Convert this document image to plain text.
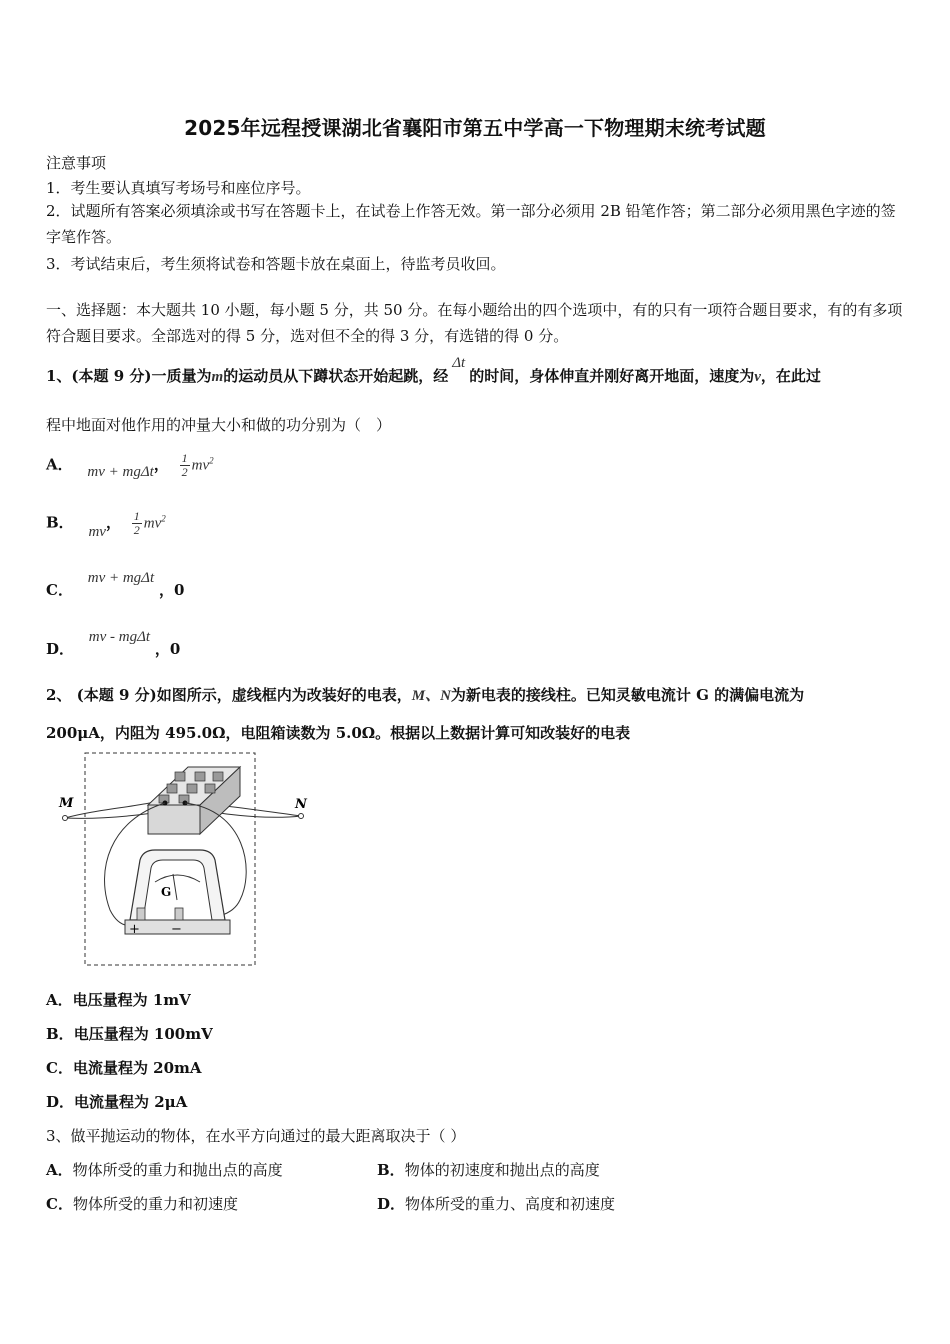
2025年远程授课湖北省襄阳市第五中学高一下物理期末统考试题
注意事项
1．考生要认真填写考场号和座位序号。
2．试题所有答案必须填涂或书写在答题卡上，在试卷上作答无效。第一部分必须用 2B 铅笔作答；第二部分必须用黑色字迹的签字笔作答。
3．考试结束后，考生须将试卷和答题卡放在桌面上，待监考员收回。
一、选择题：本大题共 10 小题，每小题 5 分，共 50 分。在每小题给出的四个选项中，有的只有一项符合题目要求，有的有多项符合题目要求。全部选对的得 5 分，选对但不全的得 3 分，有选错的得 0 分。
1、(本题 9 分)一质量为m的运动员从下蹲状态开始起跳，经Δt的时间，身体伸直并刚好离开地面，速度为v，在此过
程中地面对他作用的冲量大小和做的功分别为（　）
A． mv + mgΔt， $\frac{1}{2} mv^2$
B． mv， $\frac{1}{2} mv^2$
C． mv + mgΔt ，0
D． mv - mgΔt ，0
2、 (本题 9 分)如图所示，虚线框内为改装好的电表，M、N为新电表的接线柱。已知灵敏电流计 G 的满偏电流为
200μA，内阻为 495.0Ω，电阻箱读数为 5.0Ω。根据以上数据计算可知改装好的电表
M	N
G
+ −
A．电压量程为 1mV
B．电压量程为 100mV
C．电流量程为 20mA
D．电流量程为 2μA
3、做平抛运动的物体，在水平方向通过的最大距离取决于（ ）
A．物体所受的重力和抛出点的高度	B．物体的初速度和抛出点的高度
C．物体所受的重力和初速度	D．物体所受的重力、高度和初速度
